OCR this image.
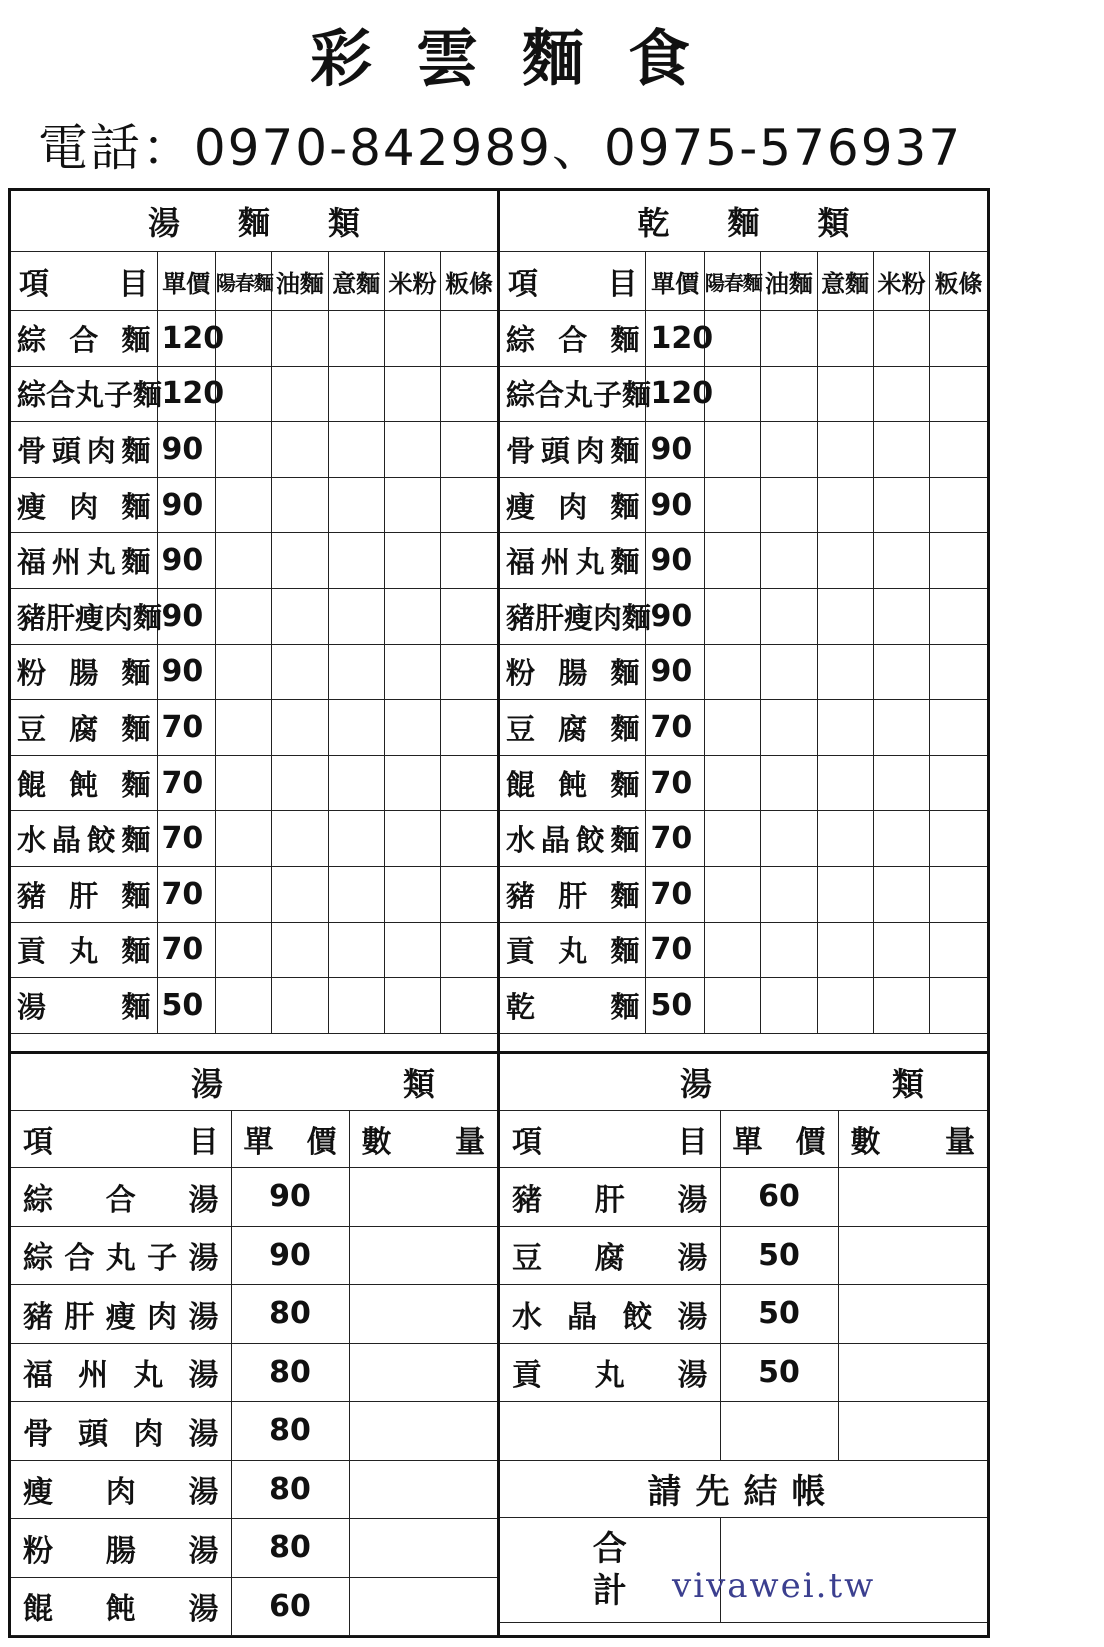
彩雲麵食
電話：0970-842989、0975-576937
湯麵類						
項目	單價	陽春麵	油麵	意麵	米粉	粄條
綜合麵	120					
綜合丸子麵	120					
骨頭肉麵	90					
瘦肉麵	90					
福州丸麵	90					
豬肝瘦肉麵	90					
粉腸麵	90					
豆腐麵	70					
餛飩麵	70					
水晶餃麵	70					
豬肝麵	70					
貢丸麵	70					
湯麵	50					
乾麵類						
項目	單價	陽春麵	油麵	意麵	米粉	粄條
綜合麵	120					
綜合丸子麵	120					
骨頭肉麵	90					
瘦肉麵	90					
福州丸麵	90					
豬肝瘦肉麵	90					
粉腸麵	90					
豆腐麵	70					
餛飩麵	70					
水晶餃麵	70					
豬肝麵	70					
貢丸麵	70					
乾麵	50					
湯類		
項目	單價	數量
綜合湯	90	
綜合丸子湯	90	
豬肝瘦肉湯	80	
福州丸湯	80	
骨頭肉湯	80	
瘦肉湯	80	
粉腸湯	80	
餛飩湯	60	
湯類		
項目	單價	數量
豬肝湯	60	
豆腐湯	50	
水晶餃湯	50	
貢丸湯	50	

請先結帳		
合
計		vivawei.tw
